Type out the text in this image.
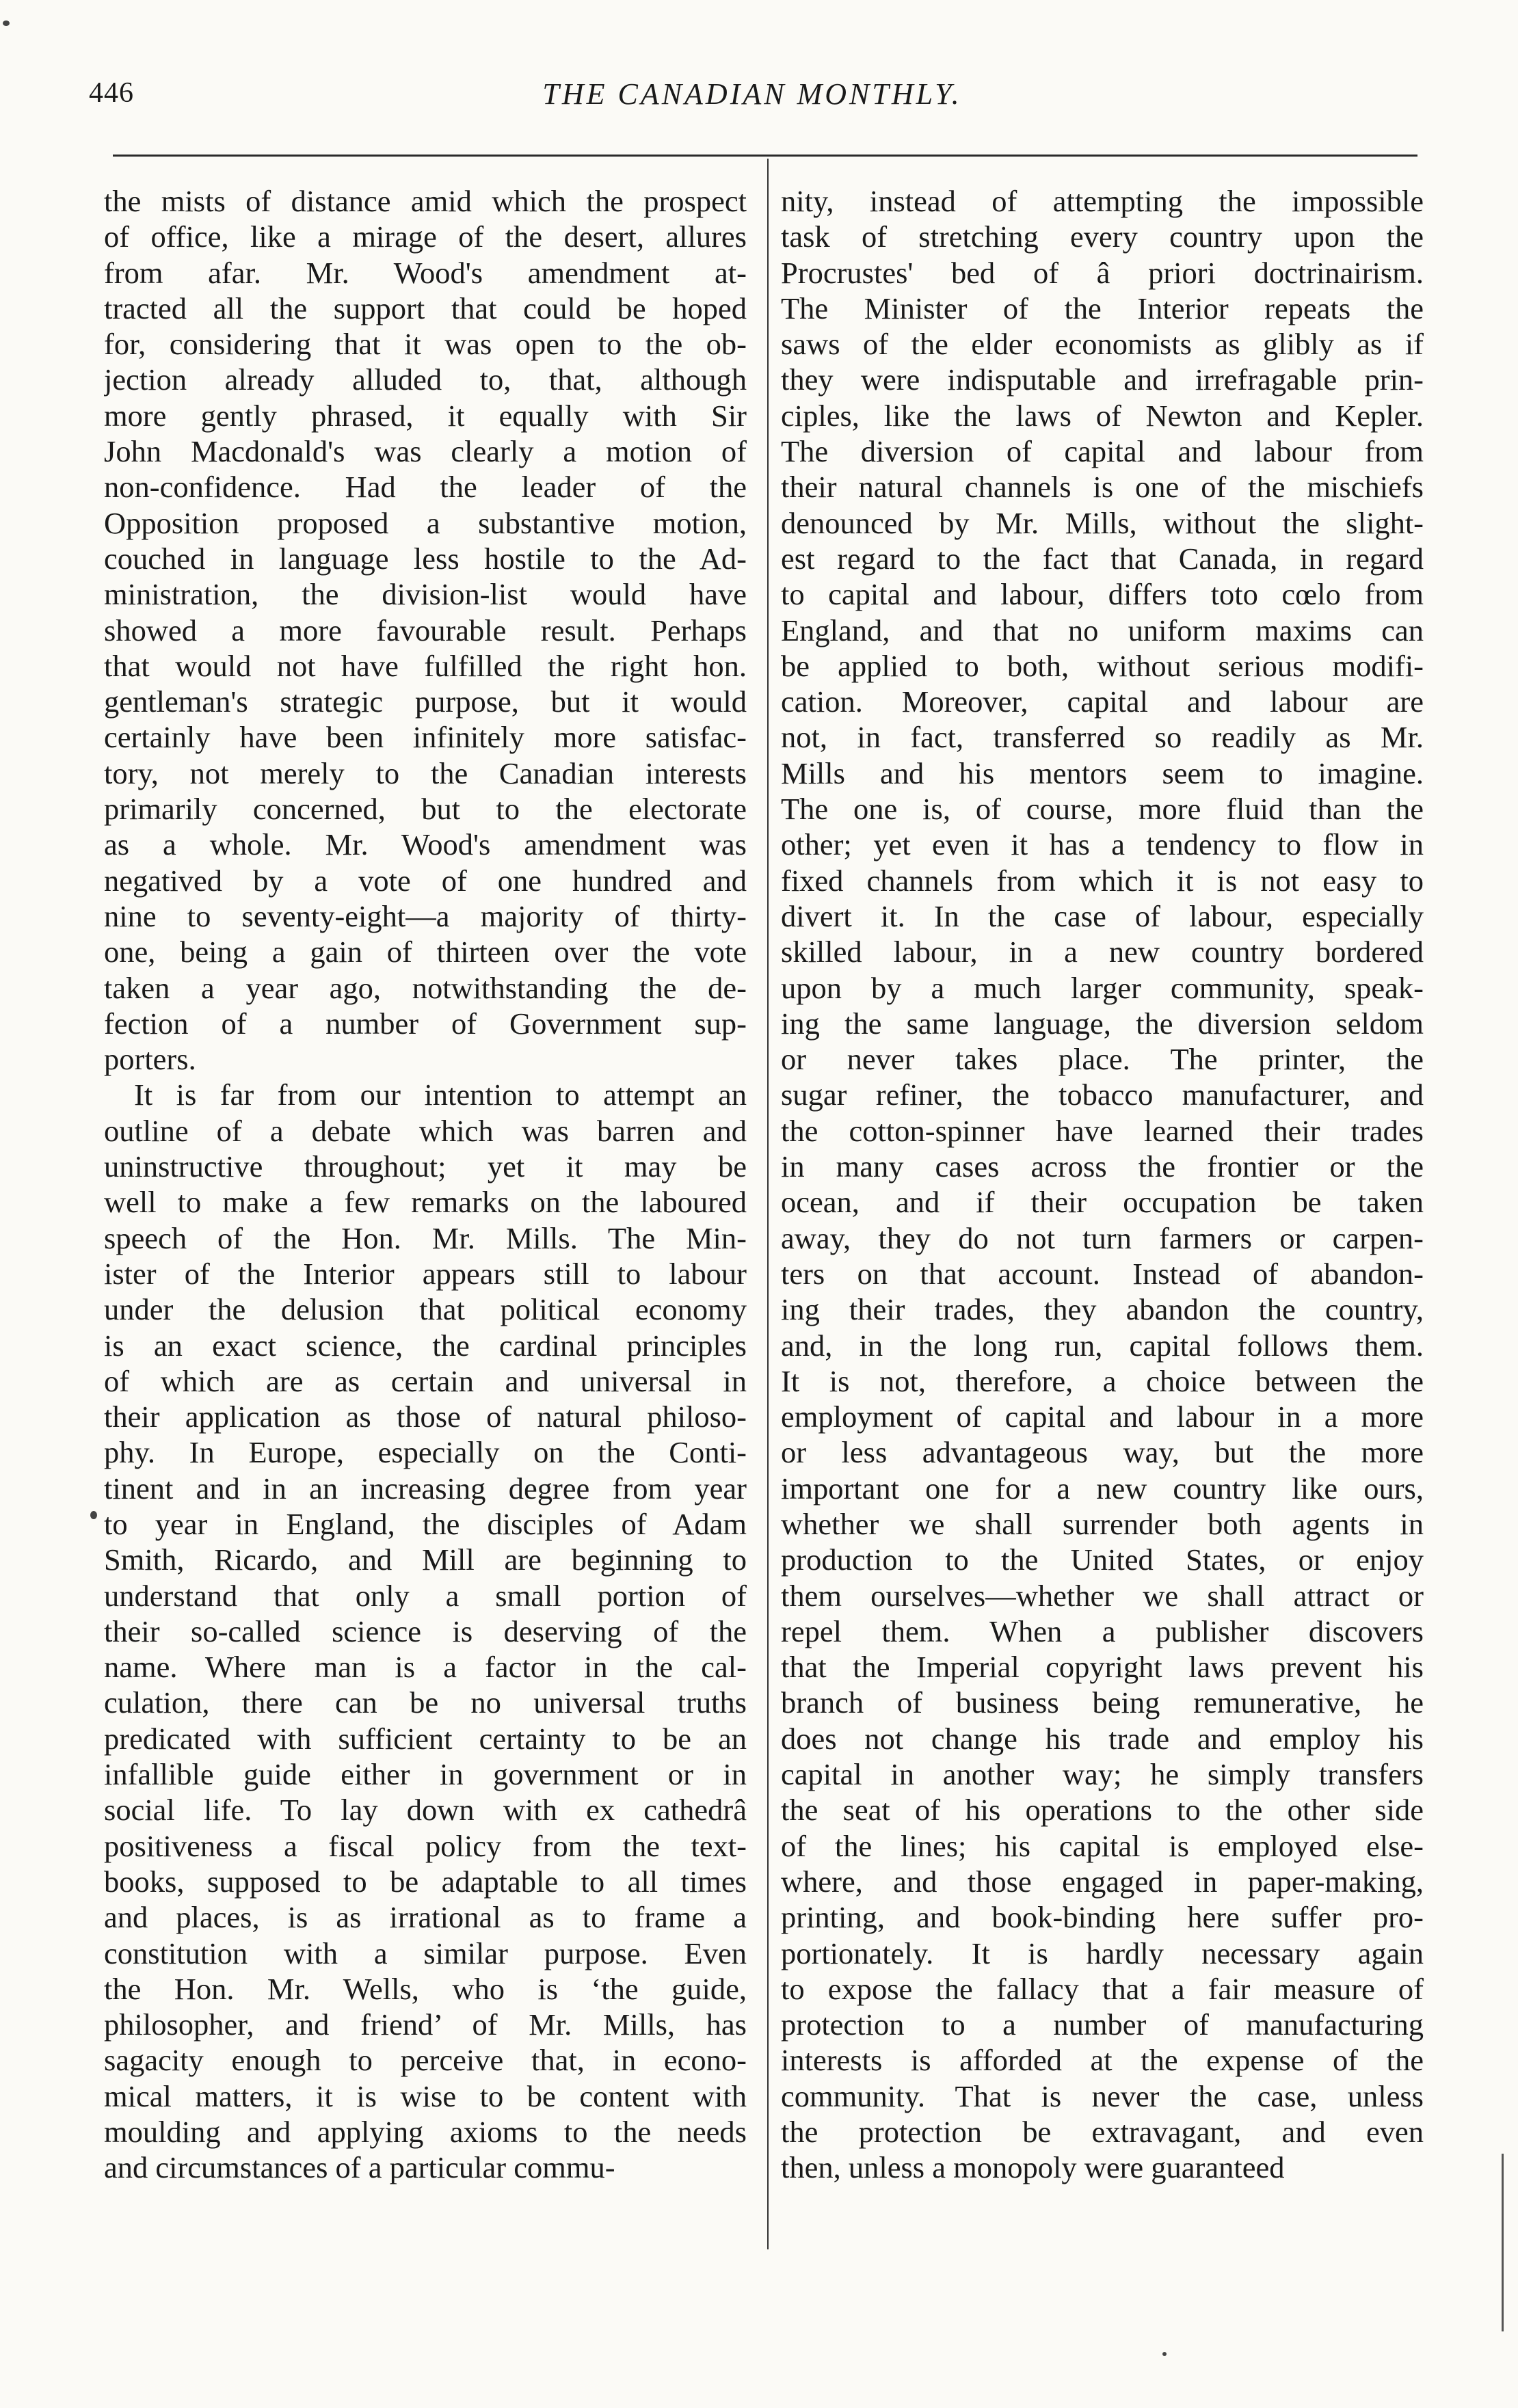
446	THE CANADIAN MONTHLY.
the mists of distance amid which the prospect
of office, like a mirage of the desert, allures
from afar. Mr. Wood's amendment at-
tracted all the support that could be hoped
for, considering that it was open to the ob-
jection already alluded to, that, although
more gently phrased, it equally with Sir
John Macdonald's was clearly a motion of
non-confidence. Had the leader of the
Opposition proposed a substantive motion,
couched in language less hostile to the Ad-
ministration, the division-list would have
showed a more favourable result. Perhaps
that would not have fulfilled the right hon.
gentleman's strategic purpose, but it would
certainly have been infinitely more satisfac-
tory, not merely to the Canadian interests
primarily concerned, but to the electorate
as a whole. Mr. Wood's amendment was
negatived by a vote of one hundred and
nine to seventy-eight—a majority of thirty-
one, being a gain of thirteen over the vote
taken a year ago, notwithstanding the de-
fection of a number of Government sup-
porters.
It is far from our intention to attempt an
outline of a debate which was barren and
uninstructive throughout; yet it may be
well to make a few remarks on the laboured
speech of the Hon. Mr. Mills. The Min-
ister of the Interior appears still to labour
under the delusion that political economy
is an exact science, the cardinal principles
of which are as certain and universal in
their application as those of natural philoso-
phy. In Europe, especially on the Conti-
tinent and in an increasing degree from year
to year in England, the disciples of Adam
Smith, Ricardo, and Mill are beginning to
understand that only a small portion of
their so-called science is deserving of the
name. Where man is a factor in the cal-
culation, there can be no universal truths
predicated with sufficient certainty to be an
infallible guide either in government or in
social life. To lay down with ex cathedrâ
positiveness a fiscal policy from the text-
books, supposed to be adaptable to all times
and places, is as irrational as to frame a
constitution with a similar purpose. Even
the Hon. Mr. Wells, who is ‘the guide,
philosopher, and friend’ of Mr. Mills, has
sagacity enough to perceive that, in econo-
mical matters, it is wise to be content with
moulding and applying axioms to the needs
and circumstances of a particular commu-
nity, instead of attempting the impossible
task of stretching every country upon the
Procrustes' bed of â priori doctrinairism.
The Minister of the Interior repeats the
saws of the elder economists as glibly as if
they were indisputable and irrefragable prin-
ciples, like the laws of Newton and Kepler.
The diversion of capital and labour from
their natural channels is one of the mischiefs
denounced by Mr. Mills, without the slight-
est regard to the fact that Canada, in regard
to capital and labour, differs toto cœlo from
England, and that no uniform maxims can
be applied to both, without serious modifi-
cation. Moreover, capital and labour are
not, in fact, transferred so readily as Mr.
Mills and his mentors seem to imagine.
The one is, of course, more fluid than the
other; yet even it has a tendency to flow in
fixed channels from which it is not easy to
divert it. In the case of labour, especially
skilled labour, in a new country bordered
upon by a much larger community, speak-
ing the same language, the diversion seldom
or never takes place. The printer, the
sugar refiner, the tobacco manufacturer, and
the cotton-spinner have learned their trades
in many cases across the frontier or the
ocean, and if their occupation be taken
away, they do not turn farmers or carpen-
ters on that account. Instead of abandon-
ing their trades, they abandon the country,
and, in the long run, capital follows them.
It is not, therefore, a choice between the
employment of capital and labour in a more
or less advantageous way, but the more
important one for a new country like ours,
whether we shall surrender both agents in
production to the United States, or enjoy
them ourselves—whether we shall attract or
repel them. When a publisher discovers
that the Imperial copyright laws prevent his
branch of business being remunerative, he
does not change his trade and employ his
capital in another way; he simply transfers
the seat of his operations to the other side
of the lines; his capital is employed else-
where, and those engaged in paper-making,
printing, and book-binding here suffer pro-
portionately. It is hardly necessary again
to expose the fallacy that a fair measure of
protection to a number of manufacturing
interests is afforded at the expense of the
community. That is never the case, unless
the protection be extravagant, and even
then, unless a monopoly were guaranteed
